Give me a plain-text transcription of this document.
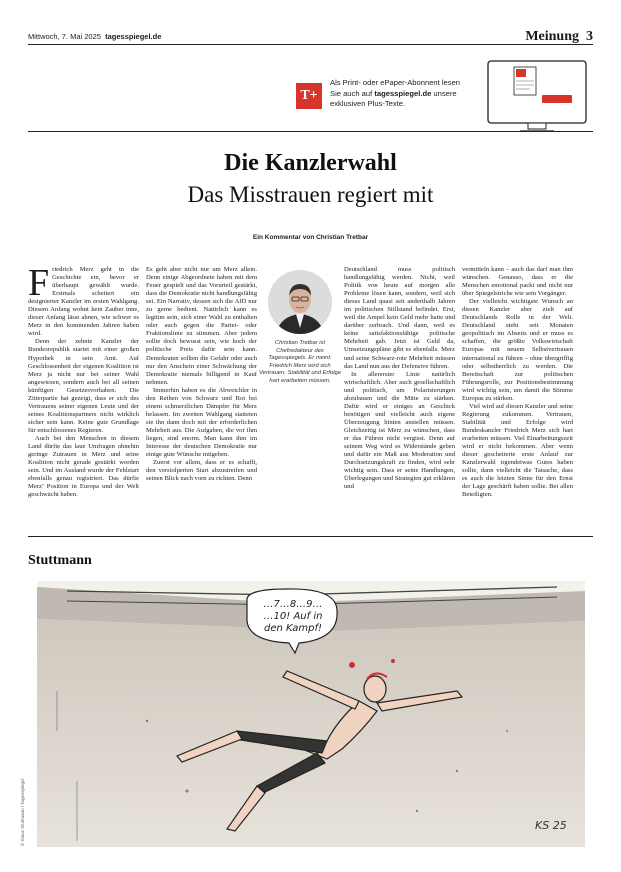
Mittwoch, 7. Mai 2025 tagesspiegel.de	Meinung 3
T+
Als Print- oder ePaper-Abonnent lesen
Sie auch auf tagesspiegel.de unsere
exklusiven Plus-Texte.
Die Kanzlerwahl
Das Misstrauen regiert mit
Ein Kommentar von Christian Tretbar

Friedrich Merz geht in die Geschichte ein, bevor er überhaupt gewählt wurde. Erstmals scheitert ein designierter Kanzler im ersten Wahlgang. Diesem Anfang wohnt kein Zauber inne, dieser Anfang lässt ahnen, wie schwer es Merz in den kommenden Jahren haben wird.

Denn der zehnte Kanzler der Bundesrepublik startet mit einer großen Hypothek in sein Amt. Auf Geschlossenheit der eigenen Koalition ist Merz ja nicht nur bei seiner Wahl angewiesen, sondern auch bei all seinen künftigen Gesetzesvorhaben. Die Zitterpartie hat gezeigt, dass er sich des Vertrauens seiner eigenen Leute und der seines Koalitionspartners nicht wirklich sicher sein kann. Keine gute Grundlage für entschlossenes Regieren.

Auch bei den Menschen in diesem Land dürfte das laue Umfragen ohnehin geringe Zutrauen in Merz und seine Koalition nicht gerade gestärkt worden sein. Und im Ausland wurde der Fehlstart ebenfalls genau registriert. Das dürfte Merz’ Position in Europa und der Welt geschwächt haben.

Es geht aber nicht nur um Merz allein. Denn einige Abgeordnete haben mit dem Feuer gespielt und das Vorurteil gestärkt, dass die Demokratie nicht handlungsfähig sei. Ein Narrativ, dessen sich die AfD nur zu gerne bedient. Natürlich kann es legitim sein, sich einer Wahl zu enthalten oder auch gegen die Partei- oder Fraktionslinie zu stimmen. Aber jedem sollte doch bewusst sein, wie hoch der politische Preis dafür sein kann. Demokraten sollten die Gefahr oder auch nur den Anschein einer Schwächung der Demokratie niemals billigend in Kauf nehmen.

Immerhin haben es die Abweichler in den Reihen von Schwarz und Rot bei einem schmerzlichen Dämpfer für Merz belassen. Im zweiten Wahlgang statteten sie ihn dann doch mit der erforderlichen Mehrheit aus. Die Aufgaben, die vor ihm liegen, sind enorm. Man kann ihm im Interesse der deutschen Demokratie nur einige gute Wünsche mitgeben.

Zuerst vor allem, dass er es schafft, den verstolperten Start abzustreifen und seinen Blick nach vorn zu richten. Denn

Christian Tretbar ist Chefredakteur des Tagesspiegels. Er meint: Friedrich Merz wird sich Vertrauen, Stabilität und Erfolge hart erarbeiten müssen.

Deutschland muss politisch handlungsfähig werden. Nicht, weil Politik von heute auf morgen alle Probleme lösen kann, sondern, weil sich dieses Land quasi seit anderthalb Jahren im politischen Stillstand befindet. Erst, weil die Ampel kein Geld mehr hatte und darüber zerbrach. Und dann, weil es keine satisfaktionsfähige politische Mehrheit gab. Jetzt ist Geld da, Umsetzungspläne gibt es ebenfalls. Merz und seine Schwarz-rote Mehrheit müssen das Land nun aus der Defensive führen.

In allererster Linie natürlich wirtschaftlich. Aber auch gesellschaftlich und politisch, um Polarisierungen abzubauen und die Mitte zu stärken. Dafür wird er einiges an Geschick benötigen und vielleicht auch eigene Überzeugung hinten anstellen müssen. Gleichzeitig ist Merz zu wünschen, dass er das Führen nicht vergisst. Denn auf seinem Weg wird es Widerstände geben und dafür ein Maß aus Moderation und Durchsetzungskraft zu finden, wird sehr wichtig sein. Dass er seine Handlungen, Überlegungen und Strategien gut erklären und

vermitteln kann – auch das darf man ihm wünschen. Genauso, dass er die Menschen emotional packt und nicht nur über Spiegelstriche wie sein Vorgänger.

Der vielleicht wichtigste Wunsch an diesen Kanzler aber zielt auf Deutschlands Rolle in der Welt. Deutschland steht seit Monaten geopolitisch im Abseits und er muss es schaffen, die größte Volkswirtschaft Europas mit neuem Selbstvertrauen international zu führen – ohne übergriffig oder selbstherrlich zu werden. Die Bereitschaft zur politischen Führungsrolle, zur Positionsbestimmung wird wichtig sein, um damit die Stimme Europas zu stärken.

Viel wird auf diesen Kanzler und seine Regierung zukommen. Vertrauen, Stabilität und Erfolge wird Bundeskanzler Friedrich Merz sich hart erarbeiten müssen. Viel Einarbeitungszeit wird er nicht bekommen. Aber wenn dieser gescheiterte erste Anlauf zur Kanzlerwahl irgendetwas Gutes haben sollte, dann vielleicht die Tatsache, dass es auch die letzten Sinne für den Ernst der Lage geschärft haben sollte. Bei allen Beteiligten.

Stuttmann
…7…8…9…
…10! Auf in
den Kampf!
KS 25
© Klaus Stuttmann / Tagesspiegel
